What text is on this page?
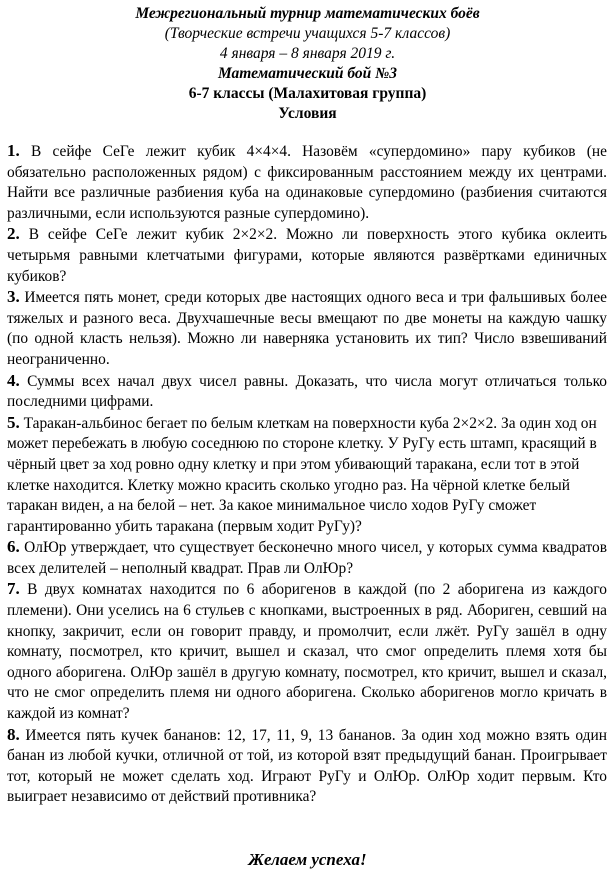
Межрегиональный турнир математических боёв
(Творческие встречи учащихся 5-7 классов)
4 января – 8 января 2019 г.
Математический бой №3
6-7 классы (Малахитовая группа)
Условия

1. В сейфе СеГе лежит кубик 4×4×4. Назовём «супердомино» пару кубиков (не обязательно расположенных рядом) с фиксированным расстоянием между их центрами. Найти все различные разбиения куба на одинаковые супердомино (разбиения считаются различными, если используются разные супердомино).

2. В сейфе СеГе лежит кубик 2×2×2. Можно ли поверхность этого кубика оклеить четырьмя равными клетчатыми фигурами, которые являются развёртками единичных кубиков?

3. Имеется пять монет, среди которых две настоящих одного веса и три фальшивых более тяжелых и разного веса. Двухчашечные весы вмещают по две монеты на каждую чашку (по одной класть нельзя). Можно ли наверняка установить их тип? Число взвешиваний неограниченно.

4. Суммы всех начал двух чисел равны. Доказать, что числа могут отличаться только последними цифрами.

5. Таракан-альбинос бегает по белым клеткам на поверхности куба 2×2×2. За один ход он может перебежать в любую соседнюю по стороне клетку. У РуГу есть штамп, красящий в чёрный цвет за ход ровно одну клетку и при этом убивающий таракана, если тот в этой клетке находится. Клетку можно красить сколько угодно раз. На чёрной клетке белый таракан виден, а на белой – нет. За какое минимальное число ходов РуГу сможет гарантированно убить таракана (первым ходит РуГу)?

6. ОлЮр утверждает, что существует бесконечно много чисел, у которых сумма квадратов всех делителей – неполный квадрат. Прав ли ОлЮр?

7. В двух комнатах находится по 6 аборигенов в каждой (по 2 аборигена из каждого племени). Они уселись на 6 стульев с кнопками, выстроенных в ряд. Абориген, севший на кнопку, закричит, если он говорит правду, и промолчит, если лжёт. РуГу зашёл в одну комнату, посмотрел, кто кричит, вышел и сказал, что смог определить племя хотя бы одного аборигена. ОлЮр зашёл в другую комнату, посмотрел, кто кричит, вышел и сказал, что не смог определить племя ни одного аборигена. Сколько аборигенов могло кричать в каждой из комнат?

8. Имеется пять кучек бананов: 12, 17, 11, 9, 13 бананов. За один ход можно взять один банан из любой кучки, отличной от той, из которой взят предыдущий банан. Проигрывает тот, который не может сделать ход. Играют РуГу и ОлЮр. ОлЮр ходит первым. Кто выиграет независимо от действий противника?

Желаем успеха!
